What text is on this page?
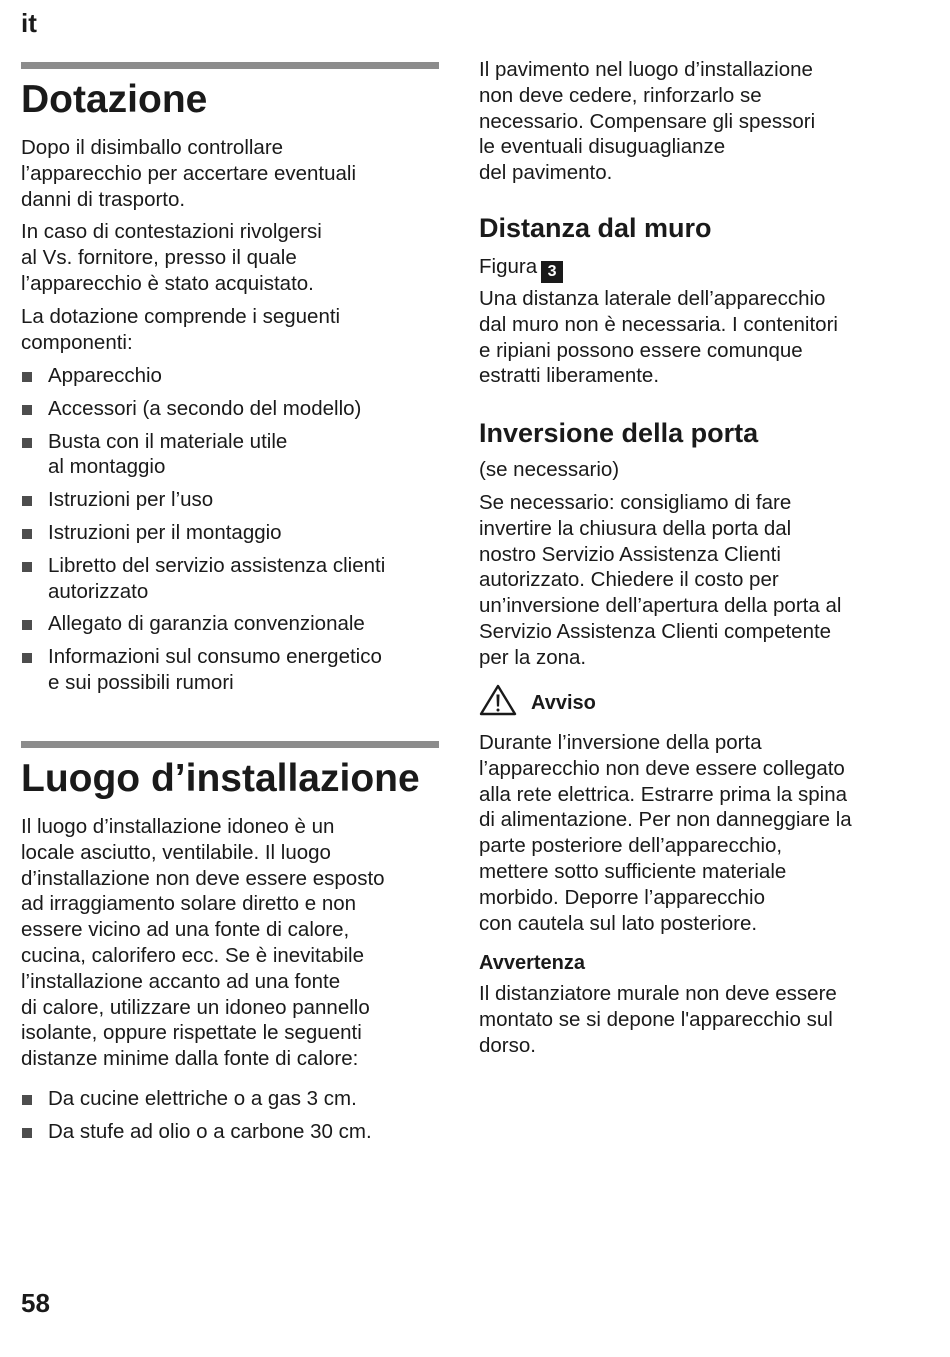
it
Dotazione

Dopo il disimballo controllare
l’apparecchio per accertare eventuali
danni di trasporto.

In caso di contestazioni rivolgersi
al Vs. fornitore, presso il quale
l’apparecchio è stato acquistato.

La dotazione comprende i seguenti
componenti:

Apparecchio
Accessori (a secondo del modello)
Busta con il materiale utile
al montaggio
Istruzioni per l’uso
Istruzioni per il montaggio
Libretto del servizio assistenza clienti
autorizzato
Allegato di garanzia convenzionale
Informazioni sul consumo energetico
e sui possibili rumori
Luogo d’installazione

Il luogo d’installazione idoneo è un
locale asciutto, ventilabile. Il luogo
d’installazione non deve essere esposto
ad irraggiamento solare diretto e non
essere vicino ad una fonte di calore,
cucina, calorifero ecc. Se è inevitabile
l’installazione accanto ad una fonte
di calore, utilizzare un idoneo pannello
isolante, oppure rispettate le seguenti
distanze minime dalla fonte di calore:

Da cucine elettriche o a gas 3 cm.
Da stufe ad olio o a carbone 30 cm.

Il pavimento nel luogo d’installazione
non deve cedere, rinforzarlo se
necessario. Compensare gli spessori
le eventuali disuguaglianze
del pavimento.

Distanza dal muro

Figura 3

Una distanza laterale dell’apparecchio
dal muro non è necessaria. I contenitori
e ripiani possono essere comunque
estratti liberamente.

Inversione della porta

(se necessario)

Se necessario: consigliamo di fare
invertire la chiusura della porta dal
nostro Servizio Assistenza Clienti
autorizzato. Chiedere il costo per
un’inversione dell’apertura della porta al
Servizio Assistenza Clienti competente
per la zona.

Avviso

Durante l’inversione della porta
l’apparecchio non deve essere collegato
alla rete elettrica. Estrarre prima la spina
di alimentazione. Per non danneggiare la
parte posteriore dell’apparecchio,
mettere sotto sufficiente materiale
morbido. Deporre l’apparecchio
con cautela sul lato posteriore.

Avvertenza

Il distanziatore murale non deve essere
montato se si depone l'apparecchio sul
dorso.

58
